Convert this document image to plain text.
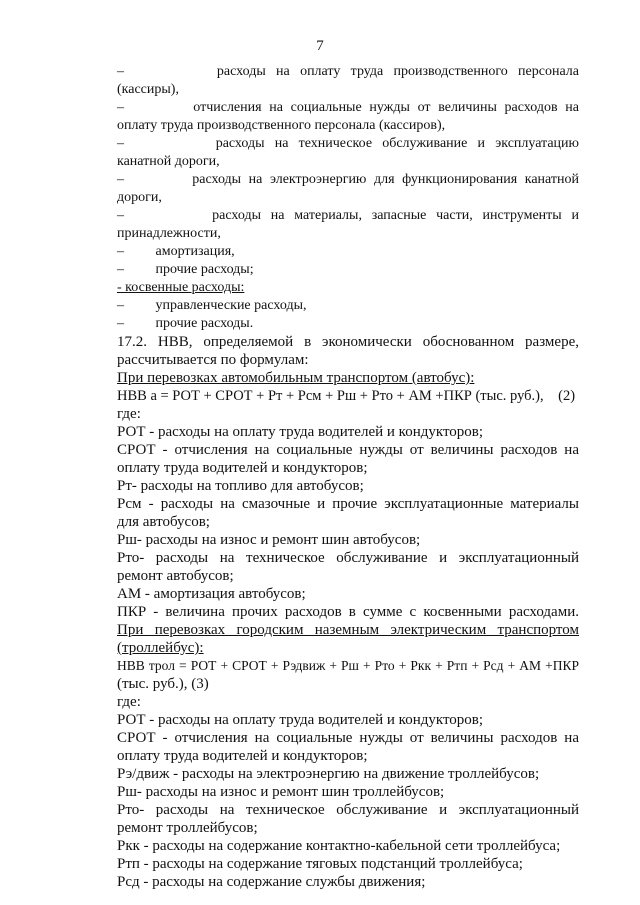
7
–         расходы на оплату труда производственного персонала
(кассиры),
–         отчисления на социальные нужды от величины расходов на
оплату труда производственного персонала (кассиров),
–         расходы на техническое обслуживание и эксплуатацию
канатной дороги,
–         расходы на электроэнергию для функционирования канатной
дороги,
–         расходы на материалы, запасные части, инструменты и
принадлежности,
–         амортизация,
–         прочие расходы;
- косвенные расходы:
–         управленческие расходы,
–         прочие расходы.
17.2. НВВ, определяемой в экономически обоснованном размере,
рассчитывается по формулам:
При перевозках автомобильным транспортом (автобус):
НВВ а = РОТ + СРОТ + Рт + Рсм + Рш + Рто + АМ +ПКР (тыс. руб.),    (2)
где:
РОТ - расходы на оплату труда водителей и кондукторов;
СРОТ - отчисления на социальные нужды от величины расходов на
оплату труда водителей и кондукторов;
Рт- расходы на топливо для автобусов;
Рсм - расходы на смазочные и прочие эксплуатационные материалы
для автобусов;
Рш- расходы на износ и ремонт шин автобусов;
Рто- расходы на техническое обслуживание и эксплуатационный
ремонт автобусов;
АМ - амортизация автобусов;
ПКР - величина прочих расходов в сумме с косвенными расходами.
При перевозках городским наземным электрическим транспортом
(троллейбус):
НВВ трол = РОТ + СРОТ + Рэдвиж + Рш + Рто + Ркк + Ртп + Рсд + АМ +ПКР
(тыс. руб.), (3)
где:
РОТ - расходы на оплату труда водителей и кондукторов;
СРОТ - отчисления на социальные нужды от величины расходов на
оплату труда водителей и кондукторов;
Рэ/движ - расходы на электроэнергию на движение троллейбусов;
Рш- расходы на износ и ремонт шин троллейбусов;
Рто- расходы на техническое обслуживание и эксплуатационный
ремонт троллейбусов;
Ркк - расходы на содержание контактно-кабельной сети троллейбуса;
Ртп - расходы на содержание тяговых подстанций троллейбуса;
Рсд - расходы на содержание службы движения;
